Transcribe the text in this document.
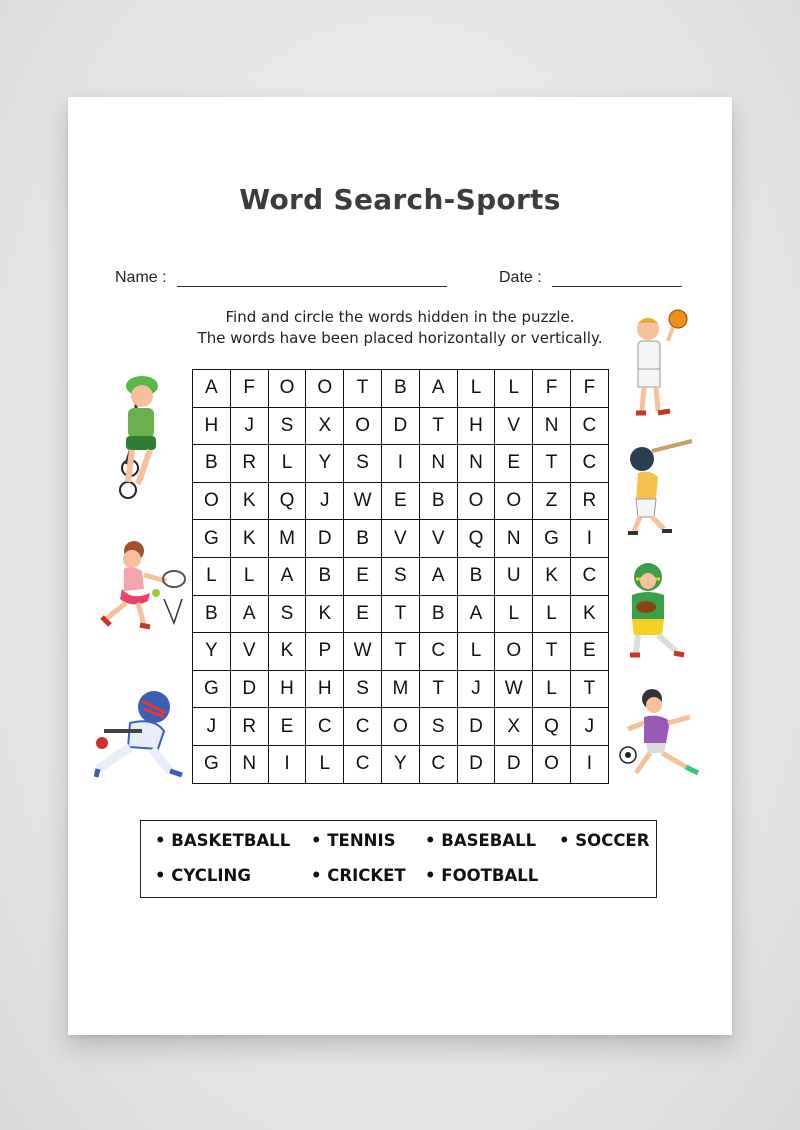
Word Search-Sports
Name :	Date :
Find and circle the words hidden in the puzzle.
The words have been placed horizontally or vertically.
A	F	O	O	T	B	A	L	L	F	F
H	J	S	X	O	D	T	H	V	N	C
B	R	L	Y	S	I	N	N	E	T	C
O	K	Q	J	W	E	B	O	O	Z	R
G	K	M	D	B	V	V	Q	N	G	I
L	L	A	B	E	S	A	B	U	K	C
B	A	S	K	E	T	B	A	L	L	K
Y	V	K	P	W	T	C	L	O	T	E
G	D	H	H	S	M	T	J	W	L	T
J	R	E	C	C	O	S	D	X	Q	J
G	N	I	L	C	Y	C	D	D	O	I
• BASKETBALL • TENNIS • BASEBALL • SOCCER
• CYCLING	• CRICKET • FOOTBALL
